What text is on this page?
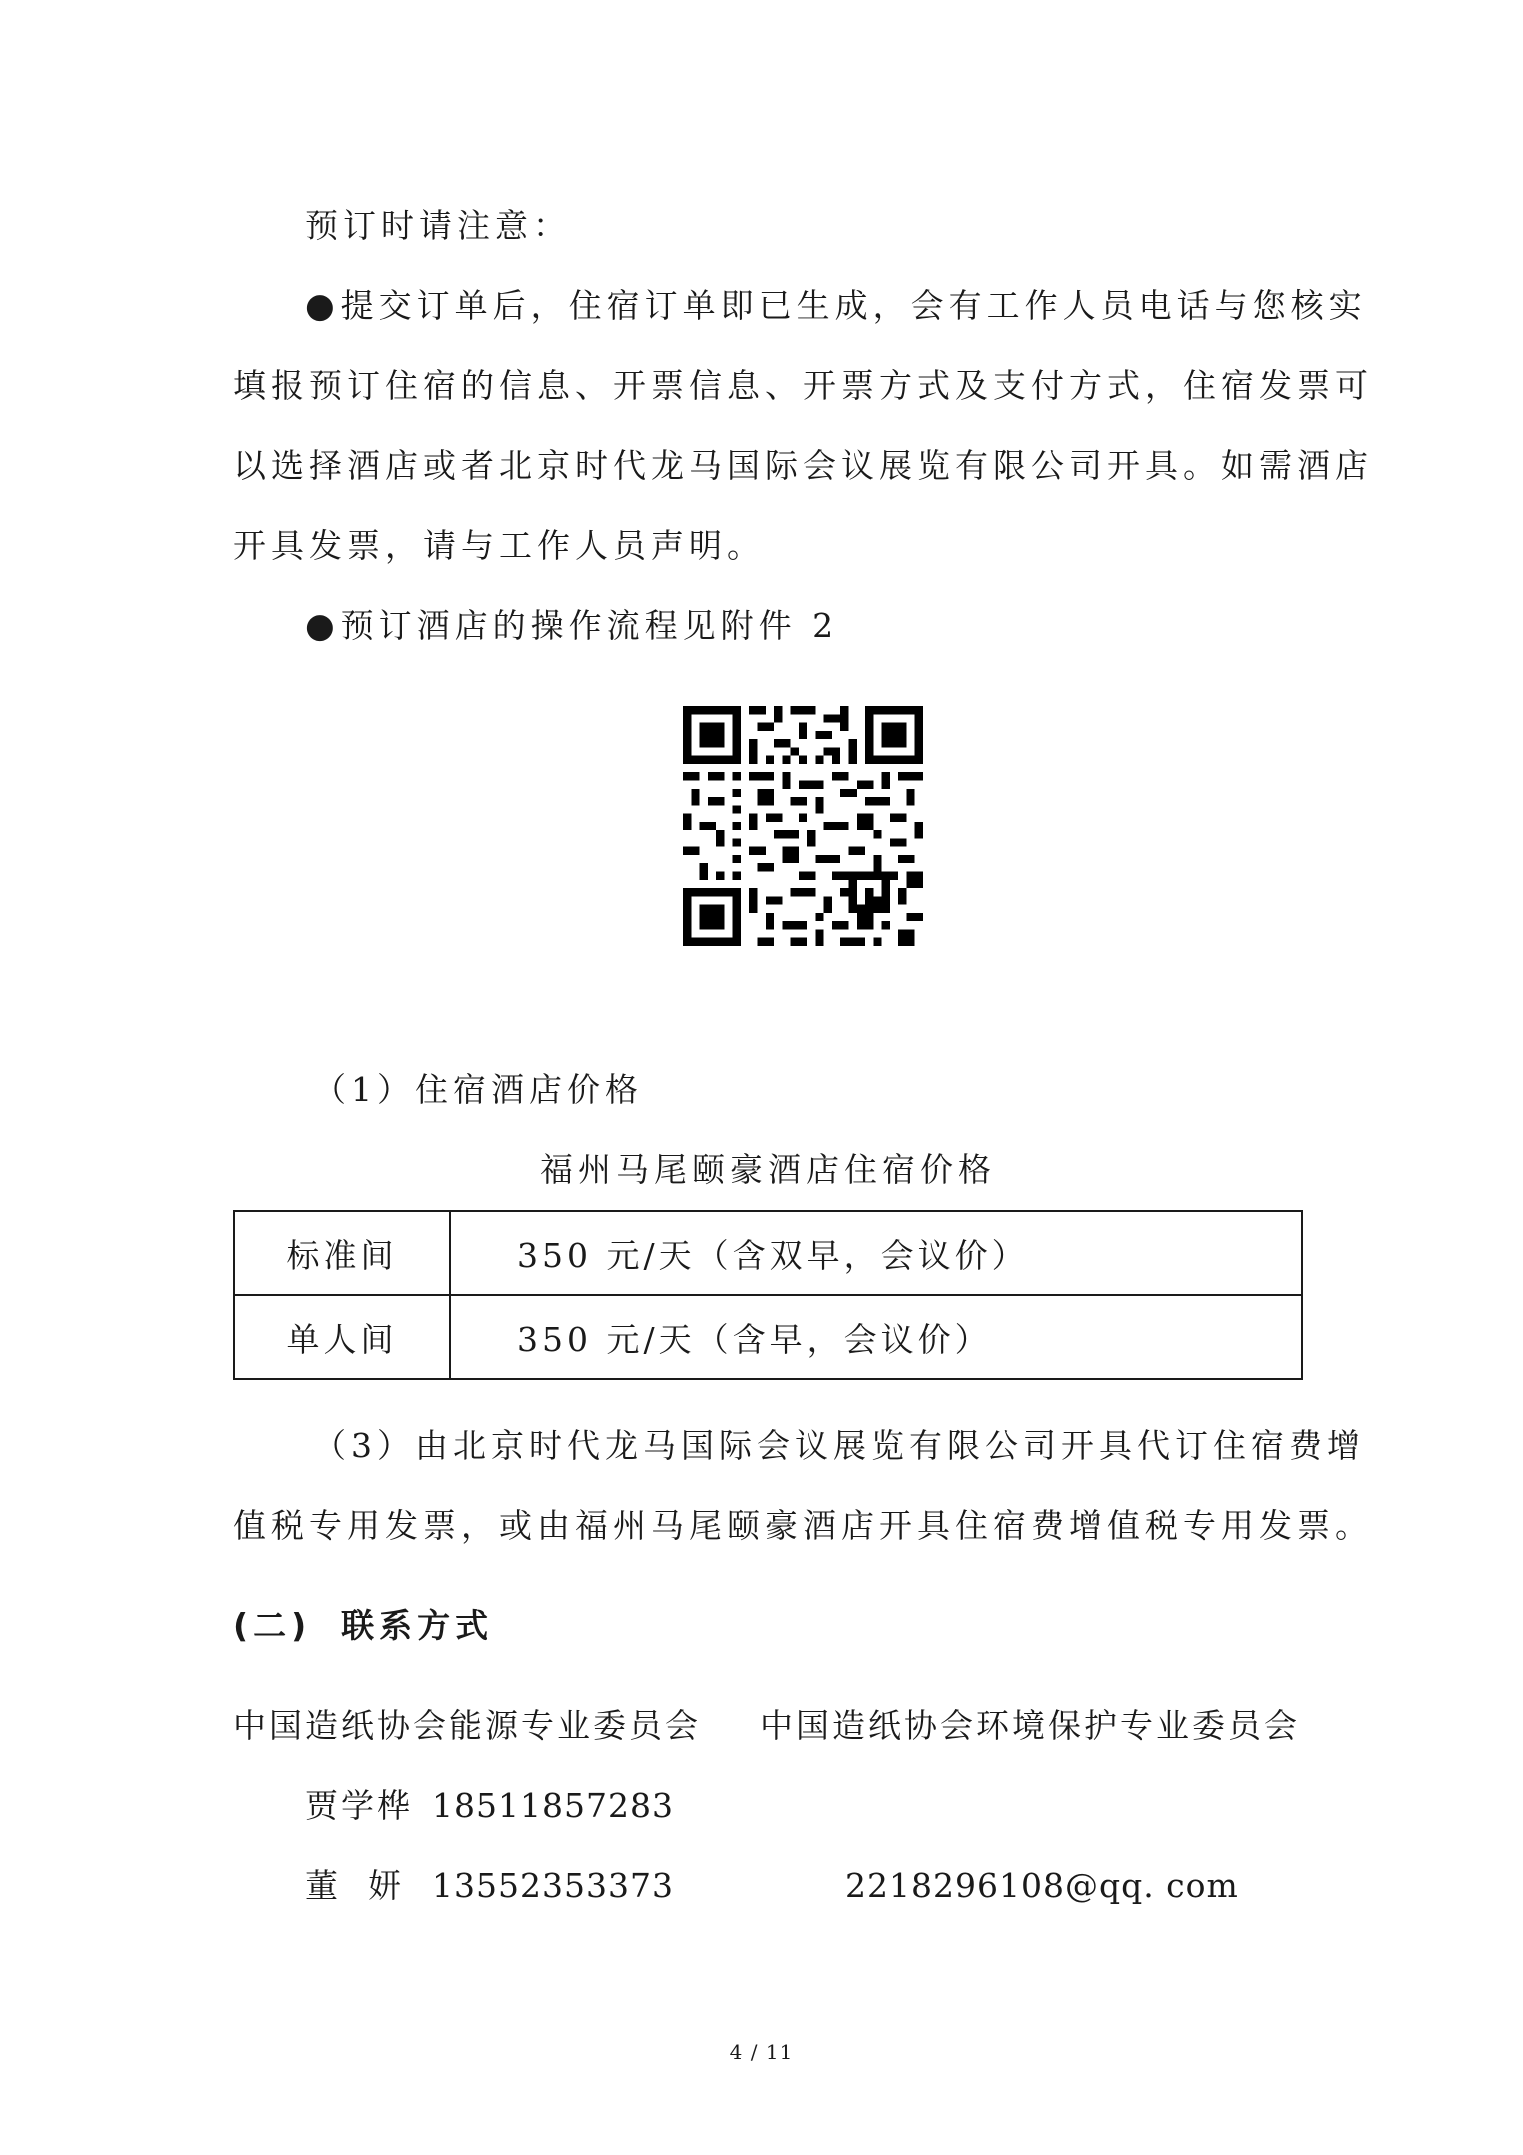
预订时请注意：
● 提交订单后，住宿订单即已生成，会有工作人员电话与您核实
填报预订住宿的信息、开票信息、开票方式及支付方式，住宿发票可
以选择酒店或者北京时代龙马国际会议展览有限公司开具。如需酒店
开具发票，请与工作人员声明。
● 预订酒店的操作流程见附件 2
（1）住宿酒店价格
福州马尾颐豪酒店住宿价格
标准间	350 元/天（含双早，会议价）
单人间	350 元/天（含早，会议价）
（3）由北京时代龙马国际会议展览有限公司开具代订住宿费增
值税专用发票，或由福州马尾颐豪酒店开具住宿费增值税专用发票。
(二) 联系方式
中国造纸协会能源专业委员会 中国造纸协会环境保护专业委员会
贾学桦 18511857283
董  妍 13552353373	2218296108@qq. com
4 / 11
